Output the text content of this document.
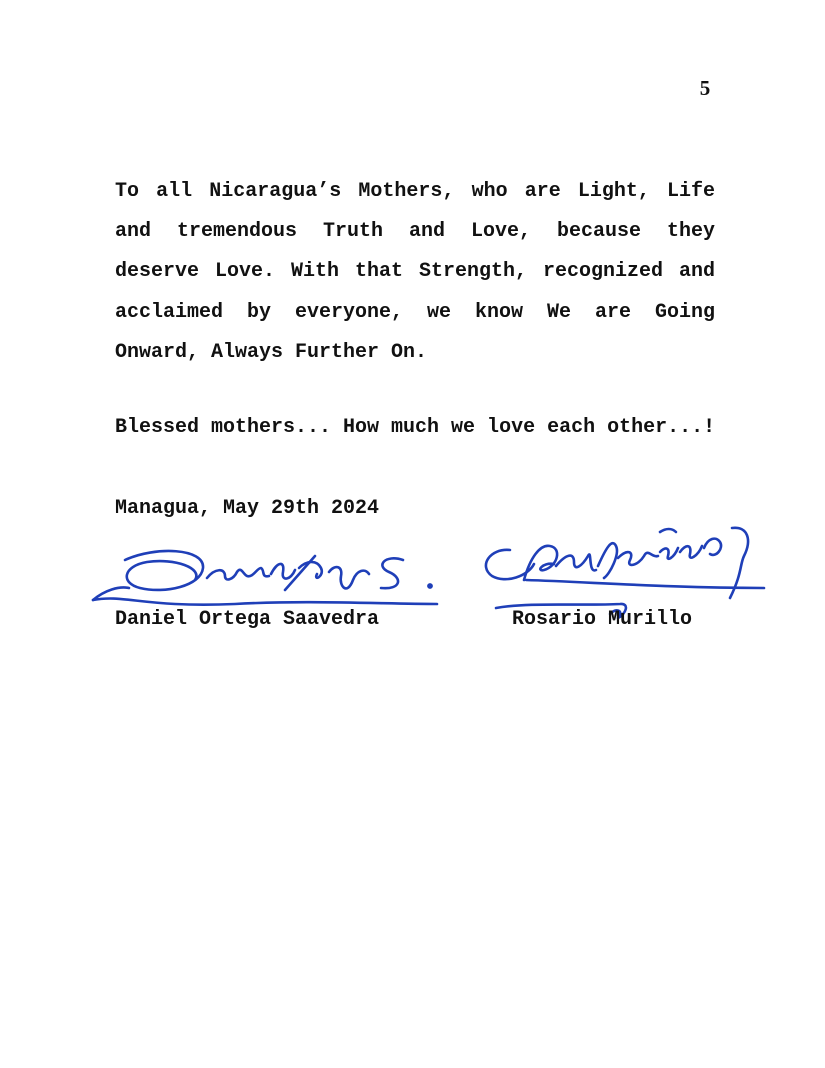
5

To all Nicaragua’s Mothers, who are Light, Life and tremendous Truth and Love, because they deserve Love. With that Strength, recognized and acclaimed by everyone, we know We are Going Onward, Always Further On.

Blessed mothers... How much we love each other...!

Managua, May 29th 2024

Daniel Ortega Saavedra	Rosario Murillo
